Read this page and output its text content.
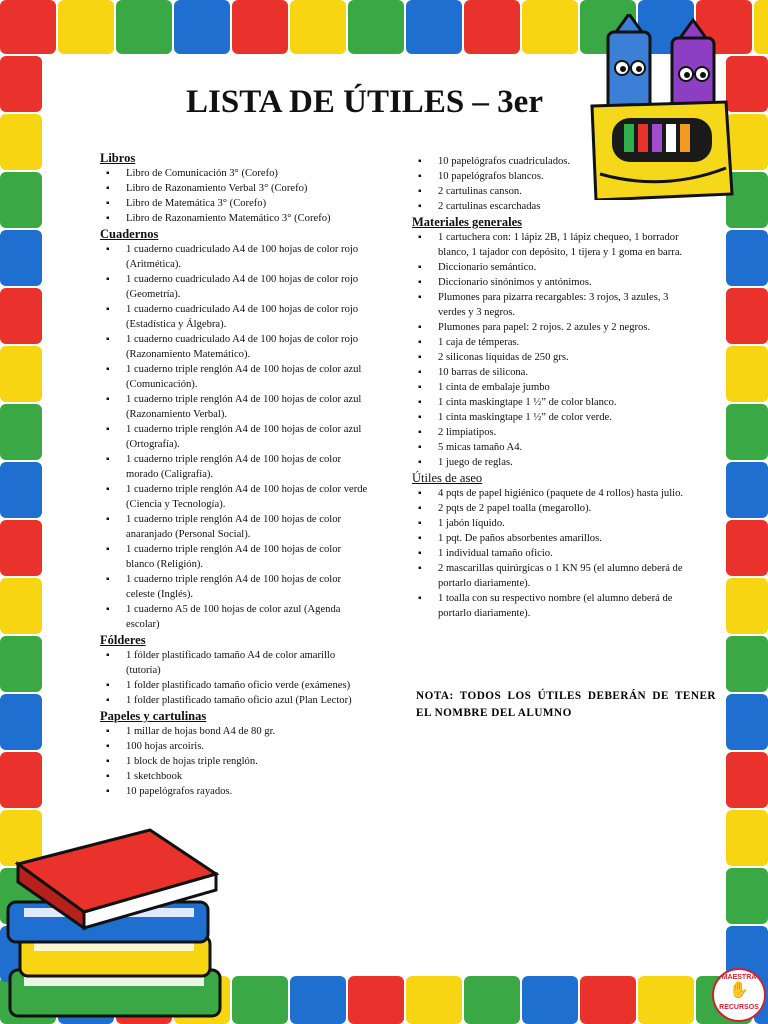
LISTA DE ÚTILES – 3er
Libros
▪ Libro de Comunicación 3° (Corefo)
▪ Libro de Razonamiento Verbal 3° (Corefo)
▪ Libro de Matemática 3° (Corefo)
▪ Libro de Razonamiento Matemático 3° (Corefo)
Cuadernos
▪ 1 cuaderno cuadriculado A4 de 100 hojas de color rojo (Aritmética).
▪ 1 cuaderno cuadriculado A4 de 100 hojas de color rojo (Geometría).
▪ 1 cuaderno cuadriculado A4 de 100 hojas de color rojo (Estadística y Álgebra).
▪ 1 cuaderno cuadriculado A4 de 100 hojas de color rojo (Razonamiento Matemático).
▪ 1 cuaderno triple renglón A4 de 100 hojas de color azul (Comunicación).
▪ 1 cuaderno triple renglón A4 de 100 hojas de color azul (Razonamiento Verbal).
▪ 1 cuaderno triple renglón A4 de 100 hojas de color azul (Ortografía).
▪ 1 cuaderno triple renglón A4 de 100 hojas de color morado (Caligrafía).
▪ 1 cuaderno triple renglón A4 de 100 hojas de color verde (Ciencia y Tecnología).
▪ 1 cuaderno triple renglón A4 de 100 hojas de color anaranjado (Personal Social).
▪ 1 cuaderno triple renglón A4 de 100 hojas de color blanco (Religión).
▪ 1 cuaderno triple renglón A4 de 100 hojas de color celeste (Inglés).
▪ 1 cuaderno A5 de 100 hojas de color azul (Agenda escolar)
Fólderes
▪ 1 fólder plastificado tamaño A4 de color amarillo (tutoría)
▪ 1 folder plastificado tamaño oficio verde (exámenes)
▪ 1 folder plastificado tamaño oficio azul (Plan Lector)
Papeles y cartulinas
▪ 1 millar de hojas bond A4 de 80 gr.
▪ 100 hojas arcoiris.
▪ 1 block de hojas triple renglón.
▪ 1 sketchbook
▪ 10 papelógrafos rayados.
▪ 10 papelógrafos cuadriculados.
▪ 10 papelógrafos blancos.
▪ 2 cartulinas canson.
▪ 2 cartulinas escarchadas
Materiales generales
▪ 1 cartuchera con: 1 lápiz 2B, 1 lápiz chequeo, 1 borrador blanco, 1 tajador con depósito, 1 tijera y 1 goma en barra.
▪ Diccionario semántico.
▪ Diccionario sinónimos y antónimos.
▪ Plumones para pizarra recargables: 3 rojos, 3 azules, 3 verdes y 3 negros.
▪ Plumones para papel: 2 rojos. 2 azules y 2 negros.
▪ 1 caja de témperas.
▪ 2 siliconas líquidas de 250 grs.
▪ 10 barras de silicona.
▪ 1 cinta de embalaje jumbo
▪ 1 cinta maskingtape 1 ½” de color blanco.
▪ 1 cinta maskingtape 1 ½” de color verde.
▪ 2 limpiatipos.
▪ 5 micas tamaño A4.
▪ 1 juego de reglas.
Útiles de aseo
▪ 4 pqts de papel higiénico (paquete de 4 rollos) hasta julio.
▪ 2 pqts de 2 papel toalla (megarollo).
▪ 1 jabón líquido.
▪ 1 pqt. De paños absorbentes amarillos.
▪ 1 individual tamaño oficio.
▪ 2 mascarillas quirúrgicas o 1 KN 95 (el alumno deberá de portarlo diariamente).
▪ 1 toalla con su respectivo nombre (el alumno deberá de portarlo diariamente).
NOTA: TODOS LOS ÚTILES DEBERÁN DE TENER EL NOMBRE DEL ALUMNO
MAESTRA
✋
RECURSOS
